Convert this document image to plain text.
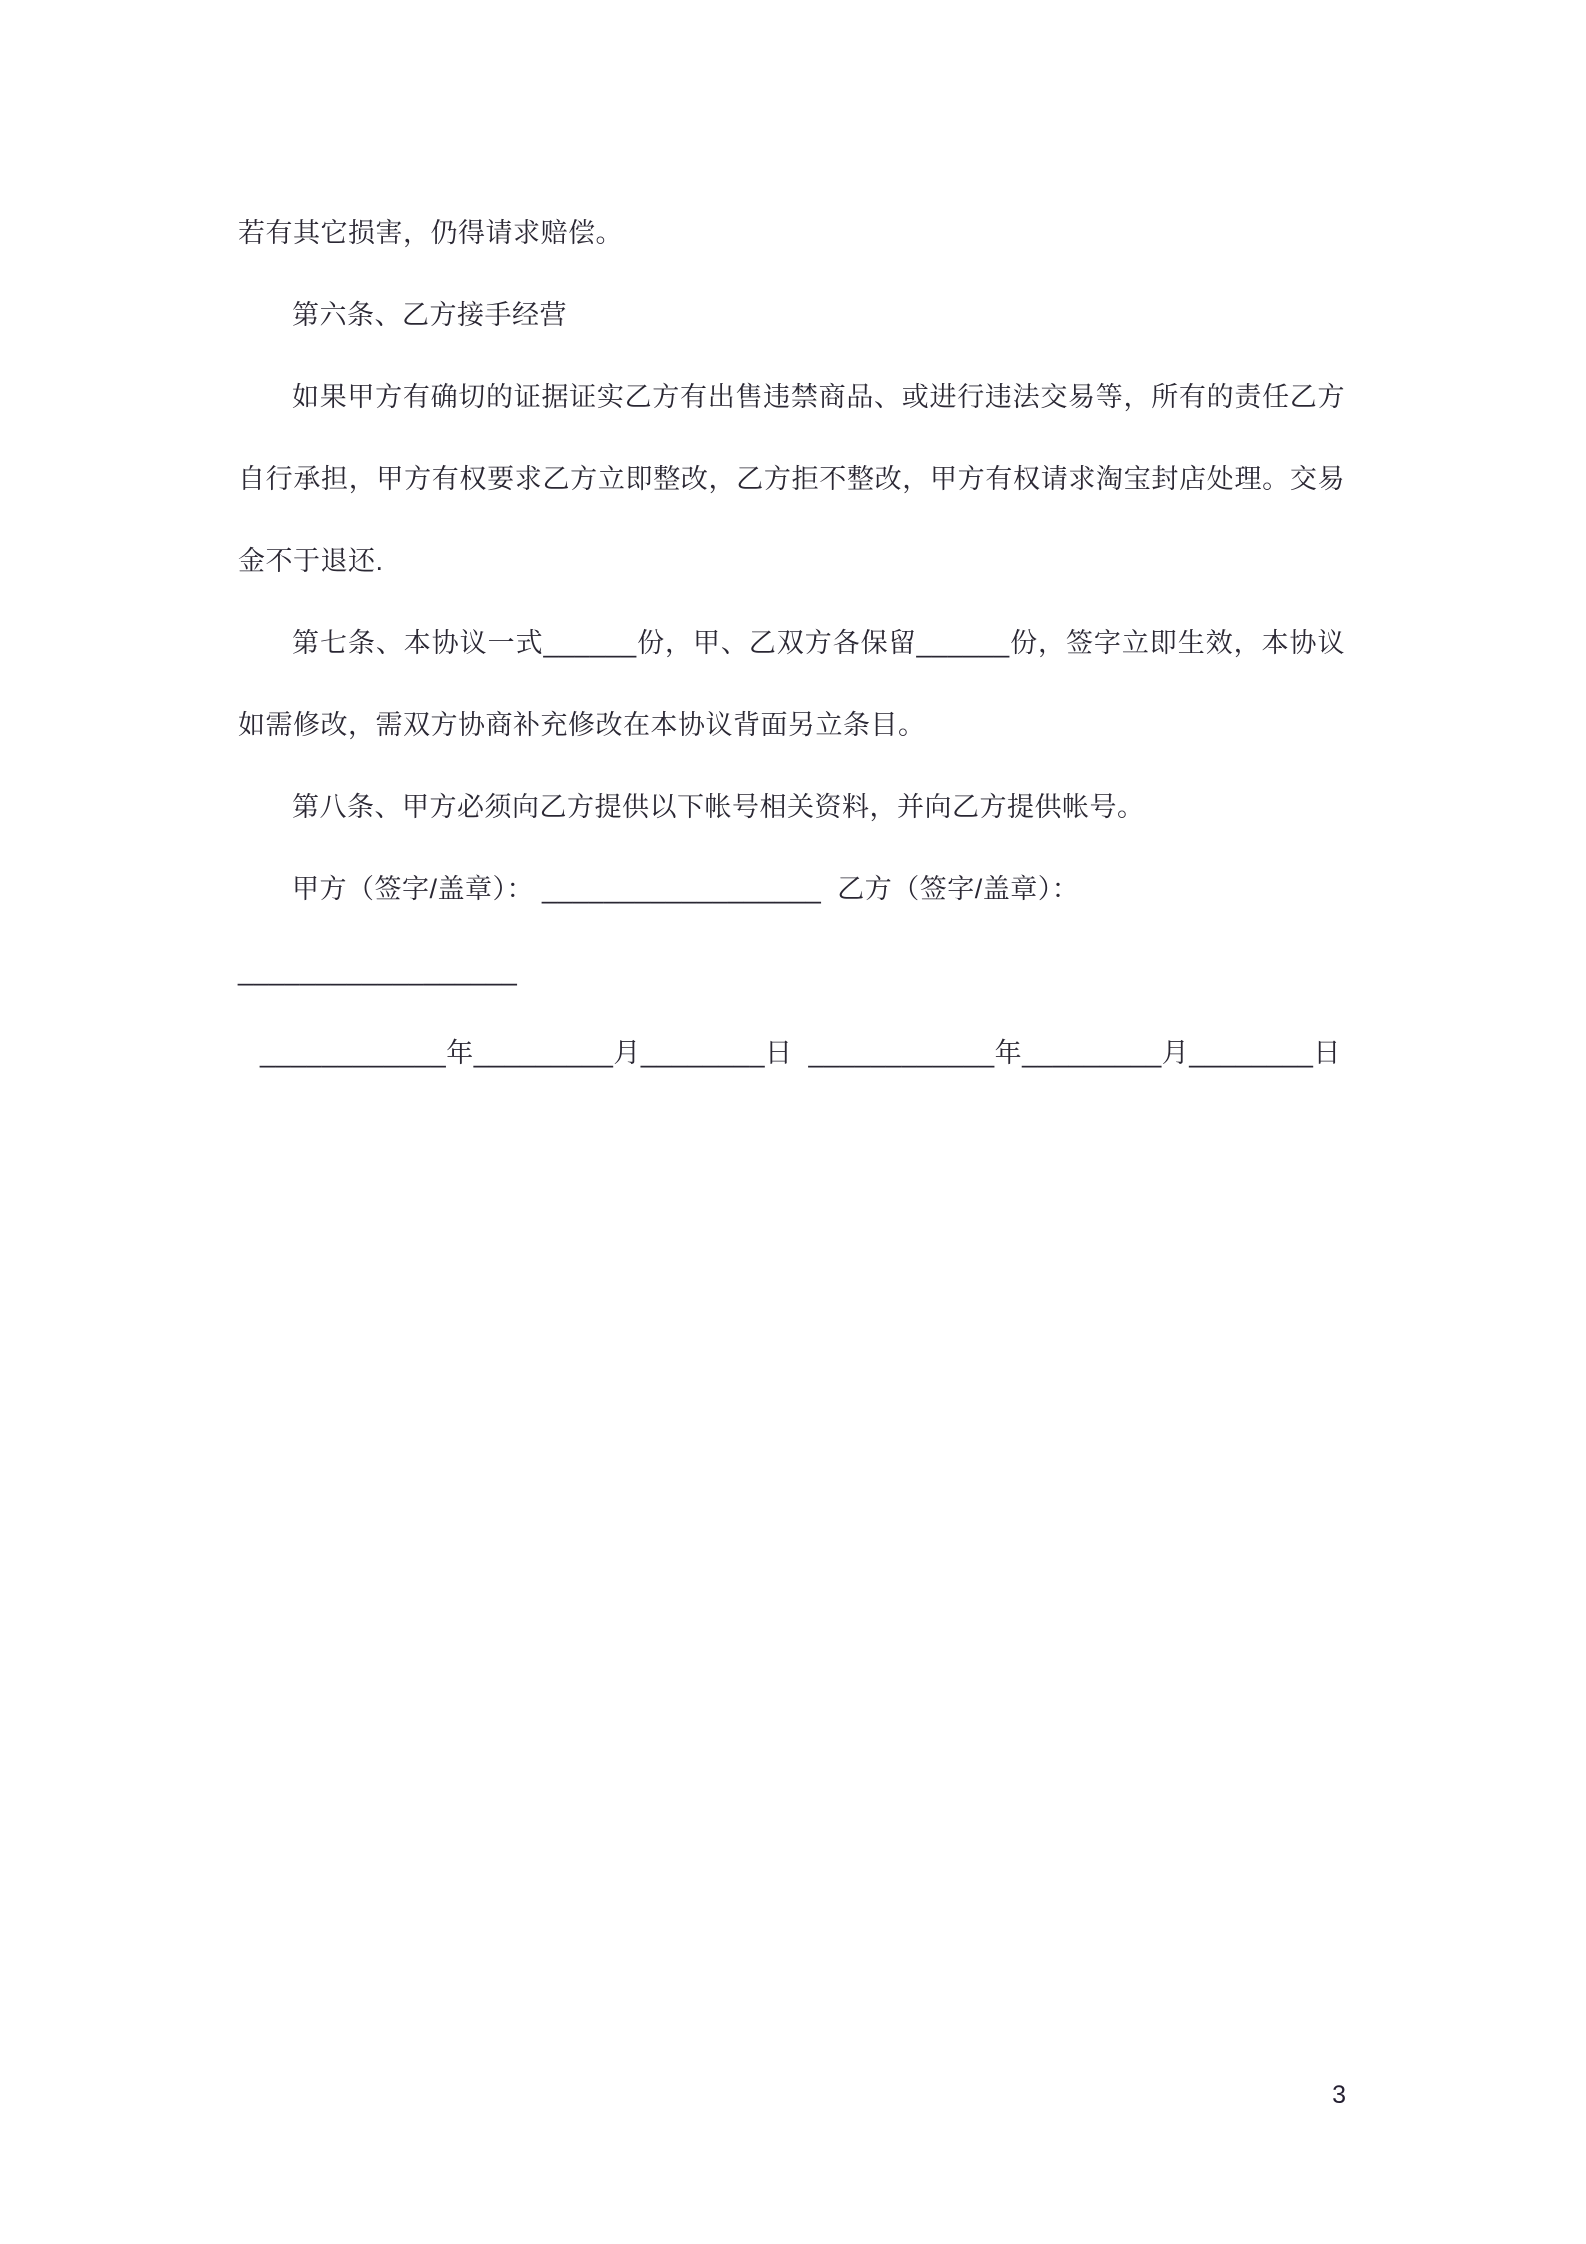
若有其它损害，仍得请求赔偿。

第六条、乙方接手经营

如果甲方有确切的证据证实乙方有出售违禁商品、或进行违法交易等，所有的责任乙方自行承担，甲方有权要求乙方立即整改，乙方拒不整改，甲方有权请求淘宝封店处理。交易金不于退还.

第七条、本协议一式______份，甲、乙双方各保留______份，签字立即生效，本协议如需修改，需双方协商补充修改在本协议背面另立条目。

第八条、甲方必须向乙方提供以下帐号相关资料，并向乙方提供帐号。

甲方（签字/盖章）： __________________  乙方（签字/盖章）： __________________

____________年_________月________日  ____________年_________月________日

3
